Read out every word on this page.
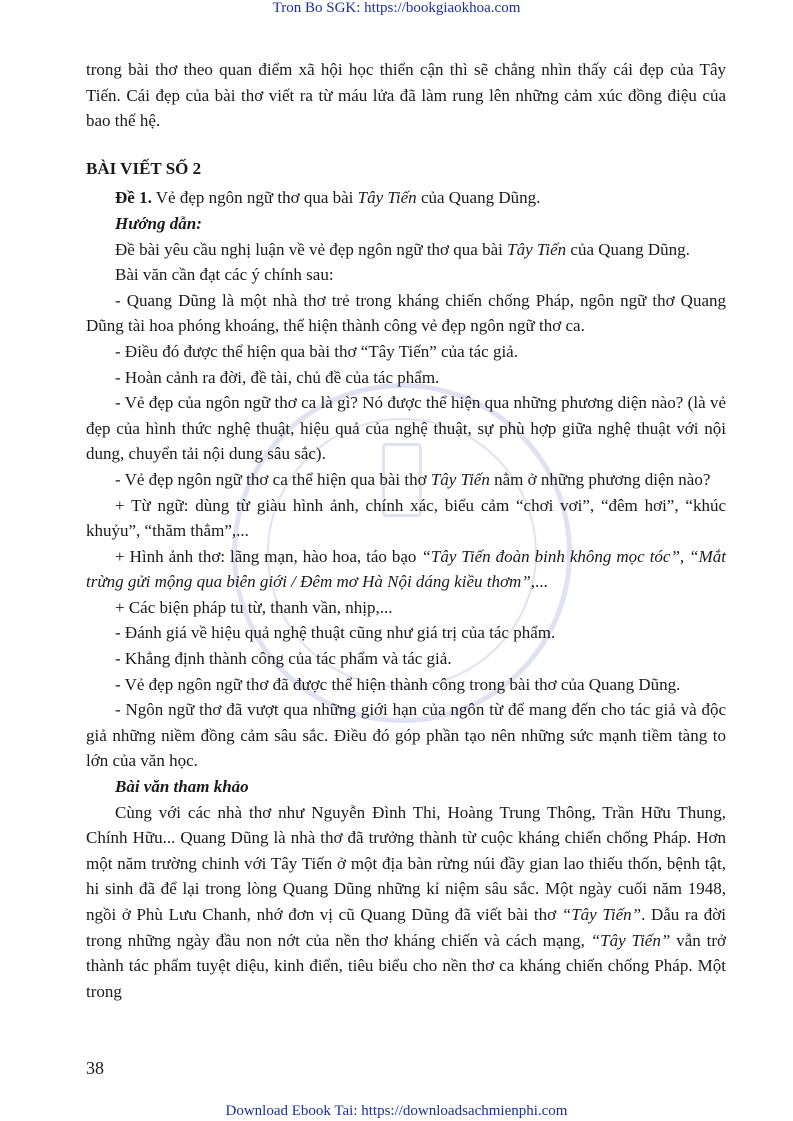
Tron Bo SGK: https://bookgiaokhoa.com

trong bài thơ theo quan điểm xã hội học thiển cận thì sẽ chẳng nhìn thấy cái đẹp của Tây Tiến. Cái đẹp của bài thơ viết ra từ máu lửa đã làm rung lên những cảm xúc đồng điệu của bao thế hệ.

BÀI VIẾT SỐ 2

Đề 1. Vẻ đẹp ngôn ngữ thơ qua bài Tây Tiến của Quang Dũng.

Hướng dẫn:

Đề bài yêu cầu nghị luận về vẻ đẹp ngôn ngữ thơ qua bài Tây Tiến của Quang Dũng.

Bài văn cần đạt các ý chính sau:

- Quang Dũng là một nhà thơ trẻ trong kháng chiến chống Pháp, ngôn ngữ thơ Quang Dũng tài hoa phóng khoáng, thể hiện thành công vẻ đẹp ngôn ngữ thơ ca.

- Điều đó được thể hiện qua bài thơ “Tây Tiến” của tác giả.

- Hoàn cảnh ra đời, đề tài, chủ đề của tác phẩm.

- Vẻ đẹp của ngôn ngữ thơ ca là gì? Nó được thể hiện qua những phương diện nào? (là vẻ đẹp của hình thức nghệ thuật, hiệu quả của nghệ thuật, sự phù hợp giữa nghệ thuật với nội dung, chuyển tải nội dung sâu sắc).

- Vẻ đẹp ngôn ngữ thơ ca thể hiện qua bài thơ Tây Tiến nằm ở những phương diện nào?

+ Từ ngữ: dùng từ giàu hình ảnh, chính xác, biểu cảm “chơi vơi”, “đêm hơi”, “khúc khuỷu”, “thăm thẳm”,...

+ Hình ảnh thơ: lãng mạn, hào hoa, táo bạo “Tây Tiến đoàn binh không mọc tóc”, “Mắt trừng gửi mộng qua biên giới / Đêm mơ Hà Nội dáng kiều thơm”,...

+ Các biện pháp tu từ, thanh vần, nhịp,...

- Đánh giá về hiệu quả nghệ thuật cũng như giá trị của tác phẩm.

- Khẳng định thành công của tác phẩm và tác giả.

- Vẻ đẹp ngôn ngữ thơ đã được thể hiện thành công trong bài thơ của Quang Dũng.

- Ngôn ngữ thơ đã vượt qua những giới hạn của ngôn từ để mang đến cho tác giả và độc giả những niềm đồng cảm sâu sắc. Điều đó góp phần tạo nên những sức mạnh tiềm tàng to lớn của văn học.

Bài văn tham khảo

Cùng với các nhà thơ như Nguyễn Đình Thi, Hoàng Trung Thông, Trần Hữu Thung, Chính Hữu... Quang Dũng là nhà thơ đã trưởng thành từ cuộc kháng chiến chống Pháp. Hơn một năm trường chinh với Tây Tiến ở một địa bàn rừng núi đầy gian lao thiếu thốn, bệnh tật, hi sinh đã để lại trong lòng Quang Dũng những kỉ niệm sâu sắc. Một ngày cuối năm 1948, ngồi ở Phù Lưu Chanh, nhớ đơn vị cũ Quang Dũng đã viết bài thơ “Tây Tiến”. Dẫu ra đời trong những ngày đầu non nớt của nền thơ kháng chiến và cách mạng, “Tây Tiến” vẫn trở thành tác phẩm tuyệt diệu, kinh điển, tiêu biểu cho nền thơ ca kháng chiến chống Pháp. Một trong

38
Download Ebook Tai: https://downloadsachmienphi.com
